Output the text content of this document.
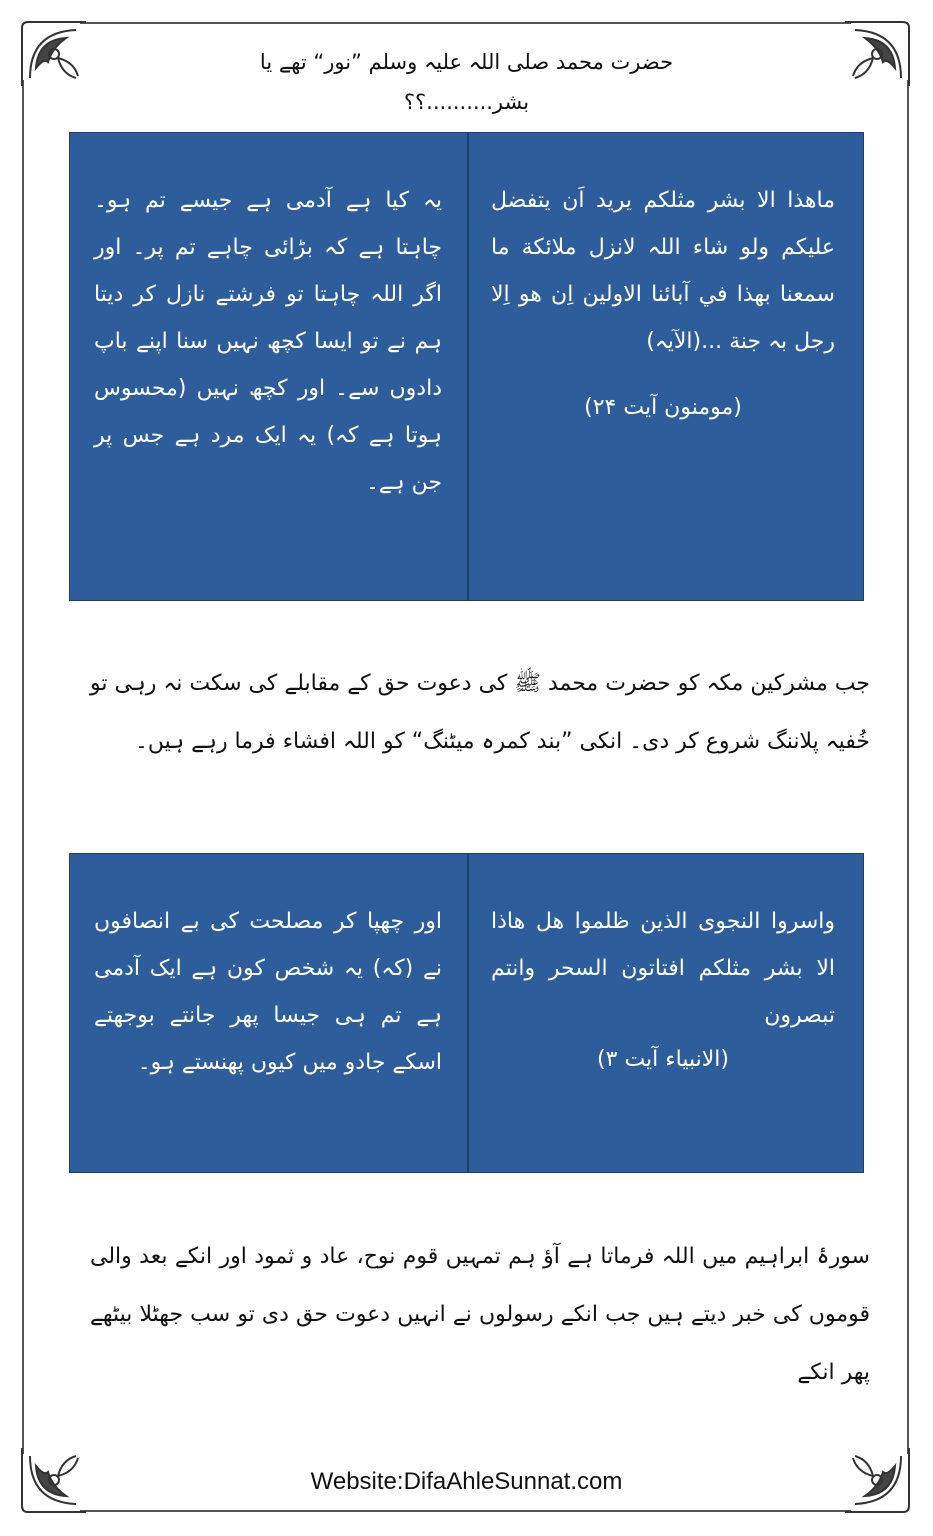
حضرت محمد صلی اللہ علیہ وسلم ”نور“ تھے یا بشر..........؟؟
ماھذا الا بشر مثلکم یرید اَن یتفضل علیکم ولو شاء اللہ لانزل ملائکة ما سمعنا بھذا في آبائنا الاولین اِن ھو اِلا رجل بہ جنة ...(الآیہ)
(مومنون آیت ۲۴)
یہ کیا ہے آدمی ہے جیسے تم ہو۔ چاہتا ہے کہ بڑائی چاہے تم پر۔ اور اگر اللہ چاہتا تو فرشتے نازل کر دیتا ہم نے تو ایسا کچھ نہیں سنا اپنے باپ دادوں سے۔ اور کچھ نہیں (محسوس ہوتا ہے کہ) یہ ایک مرد ہے جس پر جن ہے۔
جب مشرکین مکہ کو حضرت محمد ﷺ کی دعوت حق کے مقابلے کی سکت نہ رہی تو خُفیہ پلاننگ شروع کر دی۔ انکی ”بند کمرہ میٹنگ“ کو اللہ افشاء فرما رہے ہیں۔
واسروا النجوی الذین ظلموا ھل ھاذا الا بشر مثلکم افتاتون السحر وانتم تبصرون
(الانبیاء آیت ۳)
اور چھپا کر مصلحت کی بے انصافوں نے (کہ) یہ شخص کون ہے ایک آدمی ہے تم ہی جیسا پھر جانتے بوجھتے اسکے جادو میں کیوں پھنستے ہو۔
سورۂ ابراہیم میں اللہ فرماتا ہے آؤ ہم تمہیں قوم نوح، عاد و ثمود اور انکے بعد والی قوموں کی خبر دیتے ہیں جب انکے رسولوں نے انہیں دعوت حق دی تو سب جھٹلا بیٹھے پھر انکے
Website:DifaAhleSunnat.com
